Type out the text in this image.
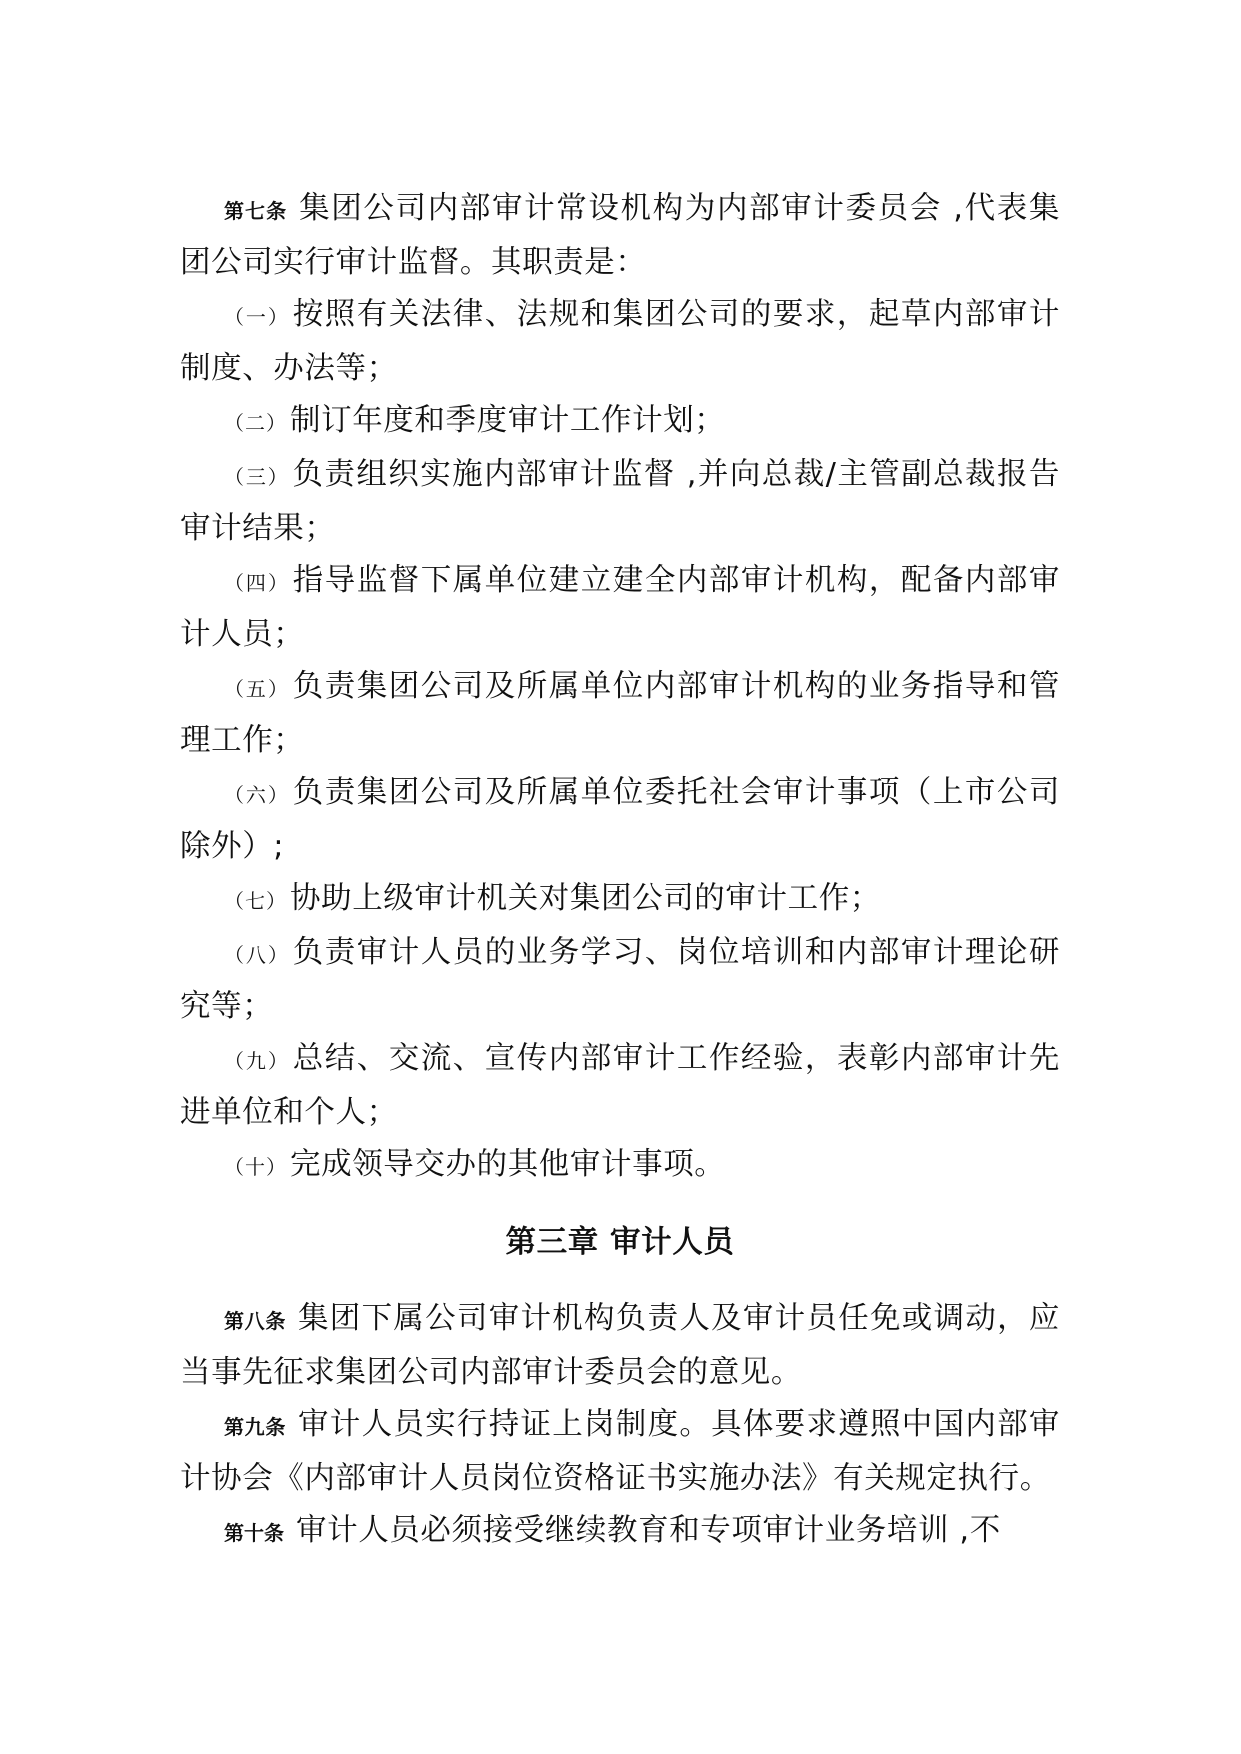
第七条 集团公司内部审计常设机构为内部审计委员会 ,代表集团公司实行审计监督。其职责是：

（一）按照有关法律、法规和集团公司的要求，起草内部审计制度、办法等；

（二）制订年度和季度审计工作计划；

（三）负责组织实施内部审计监督 ,并向总裁/主管副总裁报告审计结果；

（四）指导监督下属单位建立建全内部审计机构，配备内部审计人员；

（五）负责集团公司及所属单位内部审计机构的业务指导和管理工作；

（六）负责集团公司及所属单位委托社会审计事项（上市公司除外）;

（七）协助上级审计机关对集团公司的审计工作；

（八）负责审计人员的业务学习、岗位培训和内部审计理论研究等；

（九）总结、交流、宣传内部审计工作经验，表彰内部审计先进单位和个人；

（十）完成领导交办的其他审计事项。

第三章 审计人员

第八条 集团下属公司审计机构负责人及审计员任免或调动，应当事先征求集团公司内部审计委员会的意见。

第九条 审计人员实行持证上岗制度。具体要求遵照中国内部审计协会《内部审计人员岗位资格证书实施办法》有关规定执行。

第十条 审计人员必须接受继续教育和专项审计业务培训 ,不
